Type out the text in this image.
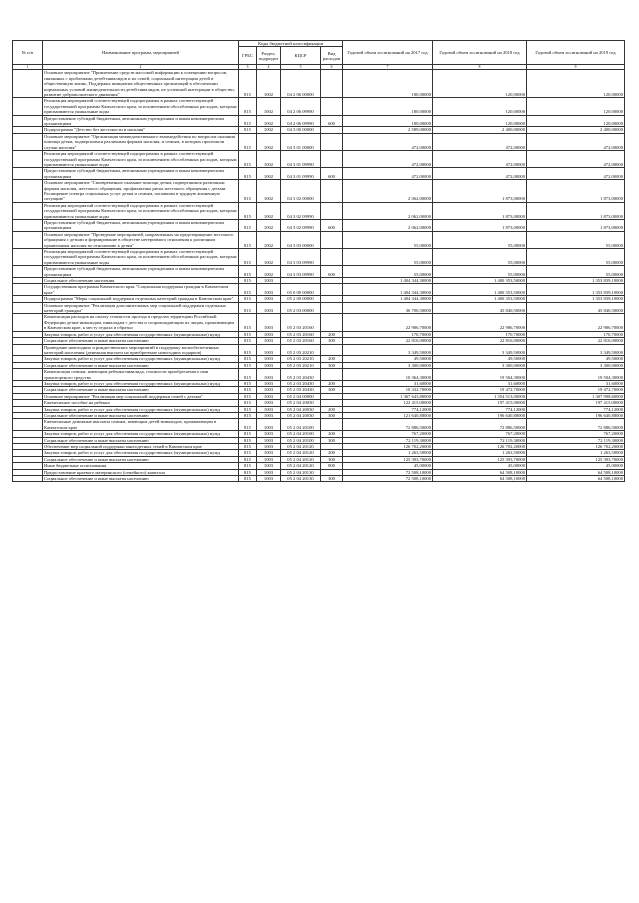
№ п/п	Наименование программ, мероприятий	Коды бюджетной классификации				Годовой объем ассигнований на 2017 год	Годовой объем ассигнований на 2018 год	Годовой объем ассигнований на 2019 год
		ГРБС	Раздел, подраздел	КЦСР	Вид расходов			
1	2	3	4	5	6	7	8	9
	Основное мероприятие "Привлечение средств массовой информации к освещению вопросов, связанных с проблемами детей-инвалидов и их семей, социальной интеграции детей в общественную жизнь. Поддержка инициатив общественных организаций в обеспечении нормальных условий жизнедеятельности детей-инвалидов, их успешной интеграции в общество, развитие добровольческого движения"	815	1002	04 2 06 00000		180,00000	120,00000	120,00000
	Реализация мероприятий соответствующей подпрограммы в рамках соответствующей государственной программы Камчатского края, за исключением обособленных расходов, которым присваиваются уникальные коды	815	1002	04 2 06 09990		180,00000	120,00000	120,00000
	Предоставление субсидий бюджетным, автономным учреждениям и иным некоммерческим организациям	815	1002	04 2 06 09990	600	180,00000	120,00000	120,00000
	Подпрограмма "Детство без жестокости и насилия"	815	1002	04 3 00 00000		2 589,00000	2 400,00000	2 400,00000
	Основное мероприятие "Организация межведомственного взаимодействия по вопросам оказания помощи детям, подвергшимся различным формам насилия, и семьям, в которых произошли случаи насилия"	815	1002	04 3 01 00000		472,00000	472,00000	472,00000
	Реализация мероприятий соответствующей подпрограммы в рамках соответствующей государственной программы Камчатского края, за исключением обособленных расходов, которым присваиваются уникальные коды	815	1002	04 3 01 09990		472,00000	472,00000	472,00000
	Предоставление субсидий бюджетным, автономным учреждениям и иным некоммерческим организациям	815	1002	04 3 01 09990	600	472,00000	472,00000	472,00000
	Основное мероприятие "Своевременное оказание помощи детям, подвергшимся различным формам насилия, жестокого обращения, профилактика риска жестокого обращения с детьми. Расширение спектра социальных услуг детям и семьям, попавшим в трудную жизненную ситуацию"	815	1002	04 3 02 00000		2 062,00000	1 873,00000	1 873,00000
	Реализация мероприятий соответствующей подпрограммы в рамках соответствующей государственной программы Камчатского края, за исключением обособленных расходов, которым присваиваются уникальные коды	815	1002	04 3 02 09990		2 062,00000	1 873,00000	1 873,00000
	Предоставление субсидий бюджетным, автономным учреждениям и иным некоммерческим организациям	815	1002	04 3 02 09990	600	2 062,00000	1 873,00000	1 873,00000
	Основное мероприятие "Проведение мероприятий, направленных на предотвращение жестокого обращения с детьми и формирование в обществе нетерпимого отношения к различным проявлениям насилия по отношению к детям"	815	1002	04 3 03 00000		55,00000	55,00000	55,00000
	Реализация мероприятий соответствующей подпрограммы в рамках соответствующей государственной программы Камчатского края, за исключением обособленных расходов, которым присваиваются уникальные коды	815	1002	04 3 03 09990		55,00000	55,00000	55,00000
	Предоставление субсидий бюджетным, автономным учреждениям и иным некоммерческим организациям	815	1002	04 3 03 09990	600	55,00000	55,00000	55,00000
	Социальное обеспечение населения	815	1003			1 404 344,30000	1 400 353,50000	1 353 839,10000
	Государственная программа Камчатского края "Социальная поддержка граждан в Камчатском крае"	815	1003	05 0 00 00000		1 404 344,30000	1 400 353,50000	1 353 839,10000
	Подпрограмма "Меры социальной поддержки отдельных категорий граждан в Камчатском крае"	815	1003	05 2 00 00000		1 404 344,30000	1 400 353,50000	1 353 839,10000
	Основное мероприятие "Реализация дополнительных мер социальной поддержки отдельных категорий граждан"	815	1003	05 2 03 00000		36 700,50000	45 840,50000	45 840,50000
	Компенсация расходов на оплату стоимости проезда в пределах территории Российской Федерации детям-инвалидам, инвалидам с детства и сопровождающим их лицам, проживающим в Камчатском крае, к месту отдыха и обратно	815	1003	05 2 03 20160		22 986,70000	22 986,70000	22 986,70000
	Закупка товаров, работ и услуг для обеспечения государственных (муниципальных) нужд	815	1003	05 2 03 20160	200	170,70000	170,70000	170,70000
	Социальное обеспечение и иные выплаты населению	815	1003	05 2 03 20160	300	22 816,00000	22 816,00000	22 816,00000
	Проведение новогодних и рождественских мероприятий в поддержку малообеспеченных категорий населения (денежная выплата на приобретение новогодних подарков)	815	1003	05 2 03 20210		3 349,50000	3 349,50000	3 349,50000
	Закупка товаров, работ и услуг для обеспечения государственных (муниципальных) нужд	815	1003	05 2 03 20210	200	49,50000	49,50000	49,50000
	Социальное обеспечение и иные выплаты населению	815	1003	05 2 03 20210	300	3 300,00000	3 300,00000	3 300,00000
	Компенсация семьям, имеющим ребенка-инвалида, стоимости приобретаемого ими транспортного средства	815	1003	05 2 03 20430		10 364,30000	19 504,30000	19 504,30000
	Закупка товаров, работ и услуг для обеспечения государственных (муниципальных) нужд	815	1003	05 2 03 20430	200	31,60000	31,60000	31,60000
	Социальное обеспечение и иные выплаты населению	815	1003	05 2 03 20430	300	10 332,70000	19 472,70000	19 472,70000
	Основное мероприятие "Реализация мер социальной поддержки семей с детьми"	815	1003	05 2 04 00000		1 367 643,80000	1 354 513,00000	1 307 998,60000
	Ежемесячное пособие на ребенка	815	1003	05 2 04 20030		122 415,00000	197 415,00000	197 415,00000
	Закупка товаров, работ и услуг для обеспечения государственных (муниципальных) нужд	815	1003	05 2 04 20030	200	774,12000	774,12000	774,12000
	Социальное обеспечение и иные выплаты населению	815	1003	05 2 04 20030	300	121 640,88000	196 640,88000	196 640,88000
	Ежемесячные денежные выплаты семьям, имеющим детей-инвалидов, проживающим в Камчатском крае	815	1003	05 2 04 20100		72 886,50000	72 886,50000	72 886,50000
	Закупка товаров, работ и услуг для обеспечения государственных (муниципальных) нужд	815	1003	05 2 04 20100	200	767,20000	767,20000	767,20000
	Социальное обеспечение и иные выплаты населению	815	1003	05 2 04 20100	300	72 119,30000	72 119,30000	72 119,30000
	Обеспечение мер социальной поддержки многодетных семей в Камчатском крае	815	1003	05 2 04 20120		126 702,20000	126 702,20000	126 702,20000
	Закупка товаров, работ и услуг для обеспечения государственных (муниципальных) нужд	815	1003	05 2 04 20120	200	1 263,50000	1 263,50000	1 263,50000
	Социальное обеспечение и иные выплаты населению	815	1003	05 2 04 20120	300	125 393,70000	125 393,70000	125 393,70000
	Иные бюджетные ассигнования	815	1003	05 2 04 20120	800	45,00000	45,00000	45,00000
	Предоставление краевого материнского (семейного) капитала	815	1003	05 2 04 20130		72 508,10000	64 508,10000	64 508,10000
	Социальное обеспечение и иные выплаты населению	815	1003	05 2 04 20130	300	72 508,10000	64 508,10000	64 508,10000
